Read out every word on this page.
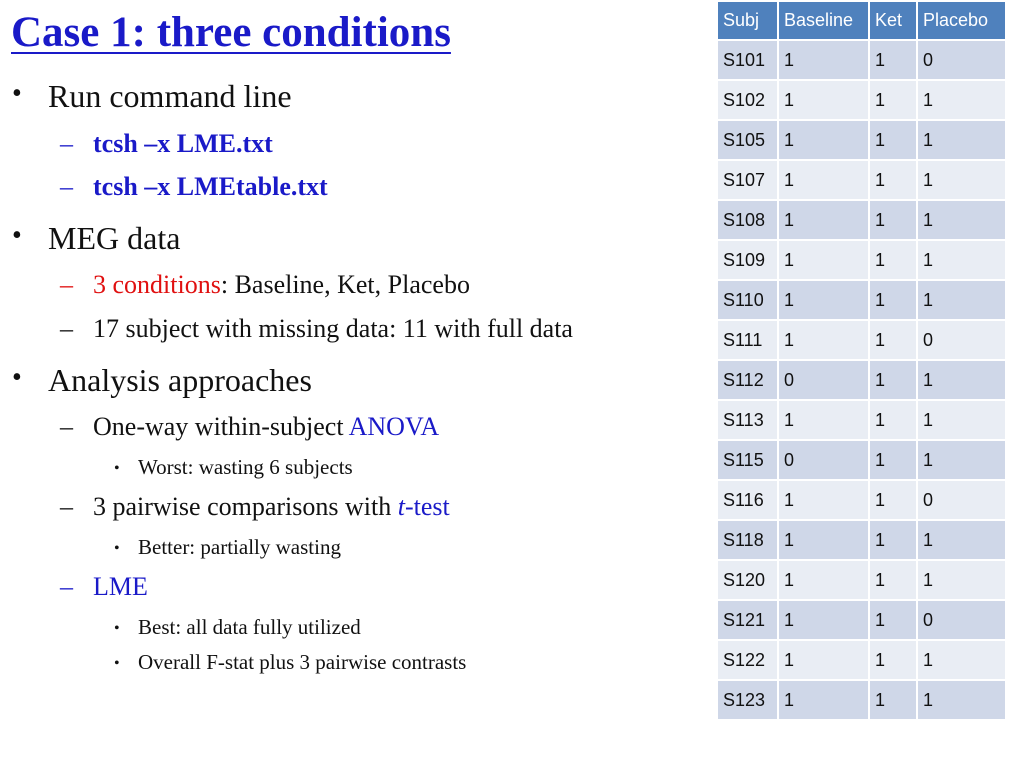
Case 1: three conditions
• Run command line
– tcsh –x LME.txt
– tcsh –x LMEtable.txt
• MEG data
– 3 conditions: Baseline, Ket, Placebo
– 17 subject with missing data: 11 with full data
• Analysis approaches
– One-way within-subject ANOVA
• Worst: wasting 6 subjects
– 3 pairwise comparisons with t-test
• Better: partially wasting
– LME
• Best: all data fully utilized
• Overall F-stat plus 3 pairwise contrasts
Subj	Baseline	Ket	Placebo
S101	1	1	0
S102	1	1	1
S105	1	1	1
S107	1	1	1
S108	1	1	1
S109	1	1	1
S110	1	1	1
S111	1	1	0
S112	0	1	1
S113	1	1	1
S115	0	1	1
S116	1	1	0
S118	1	1	1
S120	1	1	1
S121	1	1	0
S122	1	1	1
S123	1	1	1
